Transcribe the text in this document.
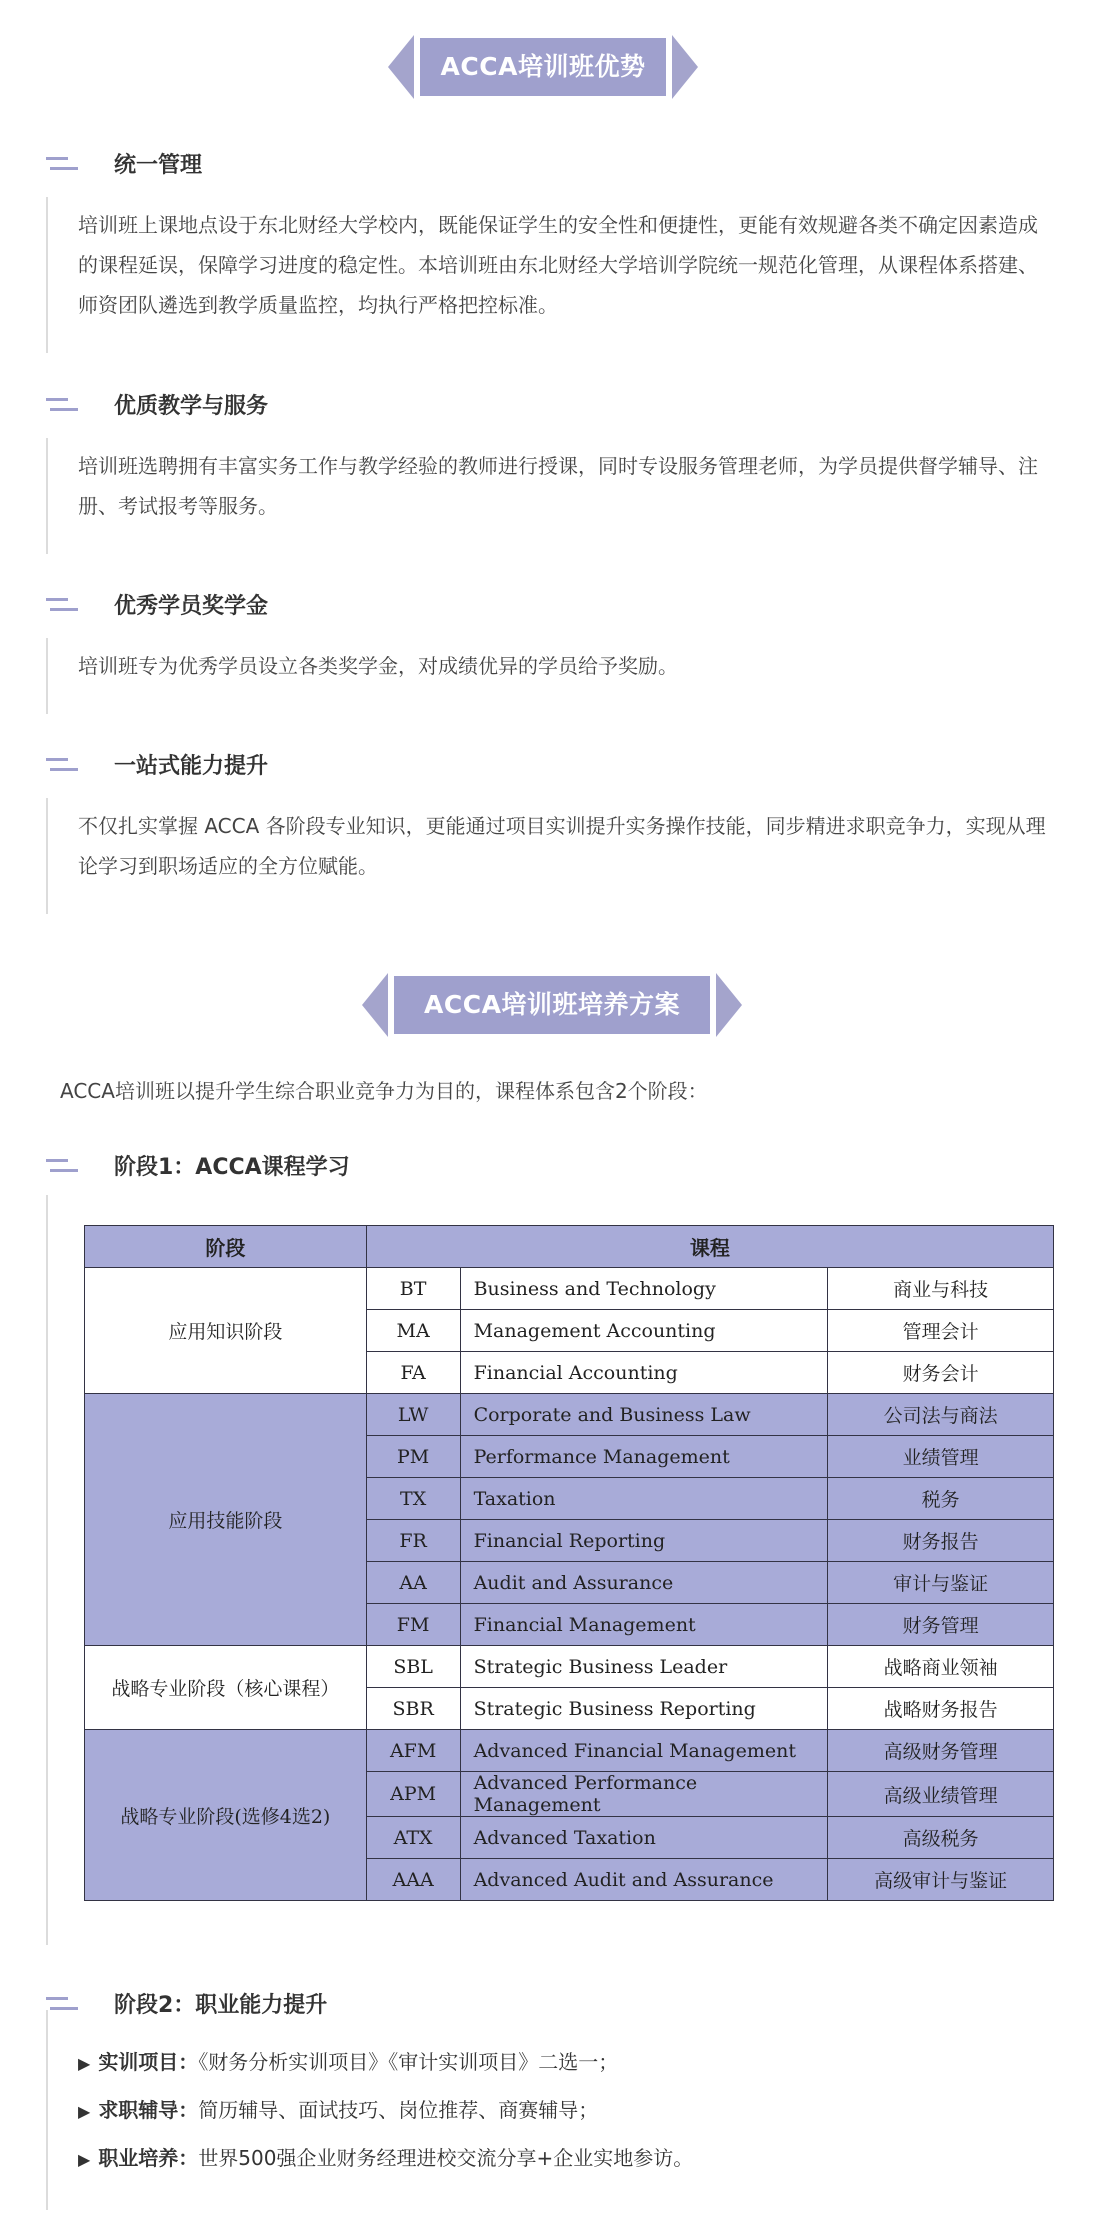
ACCA培训班优势
统一管理

培训班上课地点设于东北财经大学校内，既能保证学生的安全性和便捷性，更能有效规避各类不确定因素造成的课程延误，保障学习进度的稳定性。本培训班由东北财经大学培训学院统一规范化管理，从课程体系搭建、师资团队遴选到教学质量监控，均执行严格把控标准。

优质教学与服务

培训班选聘拥有丰富实务工作与教学经验的教师进行授课，同时专设服务管理老师，为学员提供督学辅导、注册、考试报考等服务。

优秀学员奖学金

培训班专为优秀学员设立各类奖学金，对成绩优异的学员给予奖励。

一站式能力提升

不仅扎实掌握 ACCA 各阶段专业知识，更能通过项目实训提升实务操作技能，同步精进求职竞争力，实现从理论学习到职场适应的全方位赋能。

ACCA培训班培养方案
ACCA培训班以提升学生综合职业竞争力为目的，课程体系包含2个阶段：
阶段1：ACCA课程学习
阶段	课程		
应用知识阶段	BT	Business and Technology	商业与科技
	MA	Management Accounting	管理会计
	FA	Financial Accounting	财务会计
应用技能阶段	LW	Corporate and Business Law	公司法与商法
	PM	Performance Management	业绩管理
	TX	Taxation	税务
	FR	Financial Reporting	财务报告
	AA	Audit and Assurance	审计与鉴证
	FM	Financial Management	财务管理
战略专业阶段（核心课程）	SBL	Strategic Business Leader	战略商业领袖
	SBR	Strategic Business Reporting	战略财务报告
战略专业阶段(选修4选2)	AFM	Advanced Financial Management	高级财务管理
	APM	Advanced Performance Management	高级业绩管理
	ATX	Advanced Taxation	高级税务
	AAA	Advanced Audit and Assurance	高级审计与鉴证
阶段2：职业能力提升
▶ 实训项目：《财务分析实训项目》《审计实训项目》二选一；
▶ 求职辅导：简历辅导、面试技巧、岗位推荐、商赛辅导；
▶ 职业培养：世界500强企业财务经理进校交流分享+企业实地参访。
